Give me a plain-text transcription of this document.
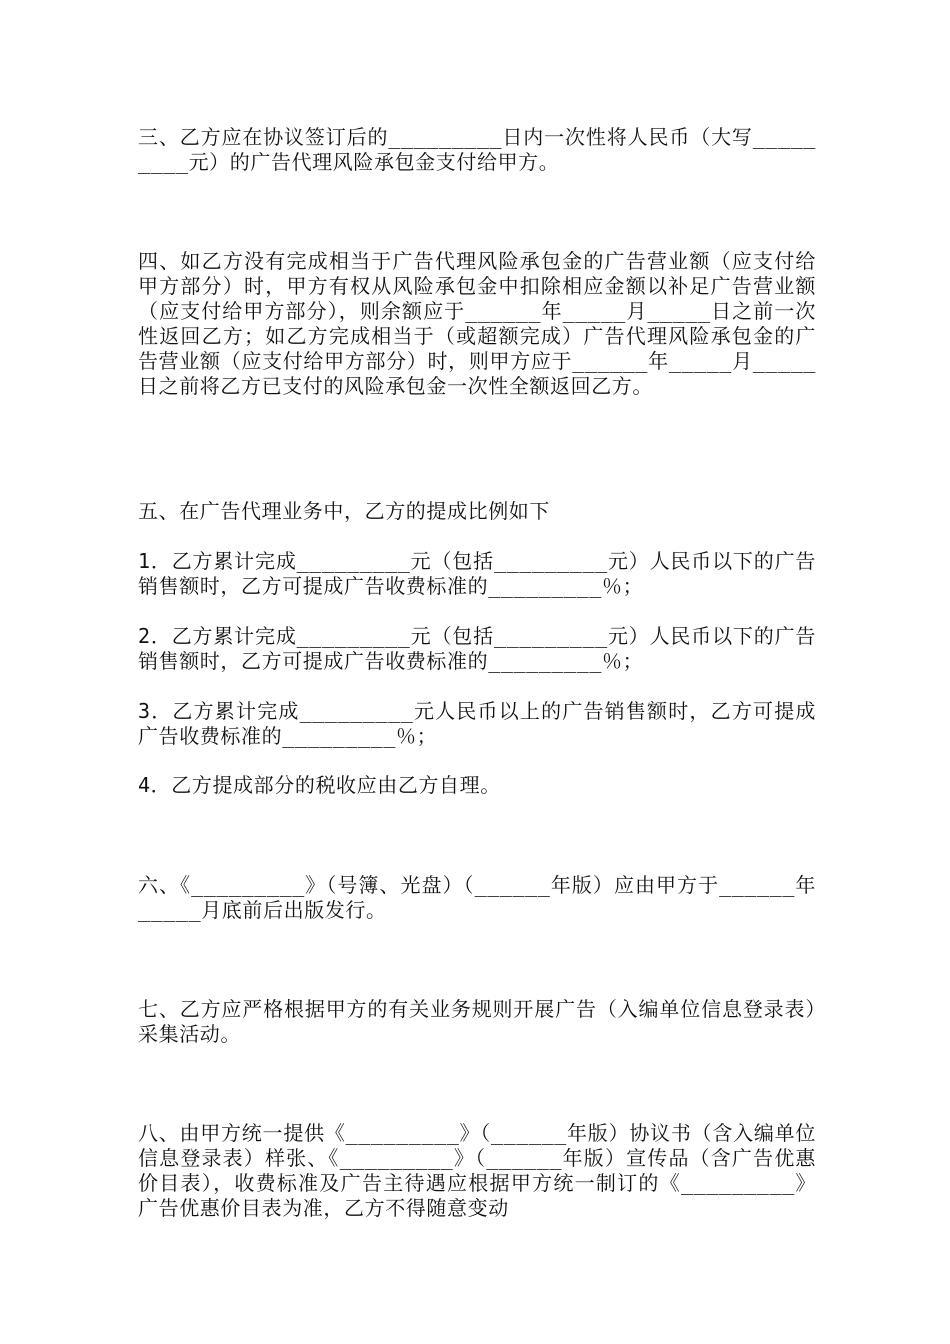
三、乙方应在协议签订后的_________日内一次性将人民币（大写_________元）的广告代理风险承包金支付给甲方。

四、如乙方没有完成相当于广告代理风险承包金的广告营业额（应支付给甲方部分）时，甲方有权从风险承包金中扣除相应金额以补足广告营业额（应支付给甲方部分），则余额应于______年_____月_____日之前一次性返回乙方；如乙方完成相当于（或超额完成）广告代理风险承包金的广告营业额（应支付给甲方部分）时，则甲方应于______年_____月_____日之前将乙方已支付的风险承包金一次性全额返回乙方。

五、在广告代理业务中，乙方的提成比例如下

1．乙方累计完成_________元（包括_________元）人民币以下的广告销售额时，乙方可提成广告收费标准的_________％；

2．乙方累计完成_________元（包括_________元）人民币以下的广告销售额时，乙方可提成广告收费标准的_________％；

3．乙方累计完成_________元人民币以上的广告销售额时，乙方可提成广告收费标准的_________％；

4．乙方提成部分的税收应由乙方自理。

六、《_________》（号簿、光盘）（______年版）应由甲方于______年_____月底前后出版发行。

七、乙方应严格根据甲方的有关业务规则开展广告（入编单位信息登录表）采集活动。

八、由甲方统一提供《_________》（______年版）协议书（含入编单位信息登录表）样张、《_________》（______年版）宣传品（含广告优惠价目表），收费标准及广告主待遇应根据甲方统一制订的《_________》广告优惠价目表为准，乙方不得随意变动
